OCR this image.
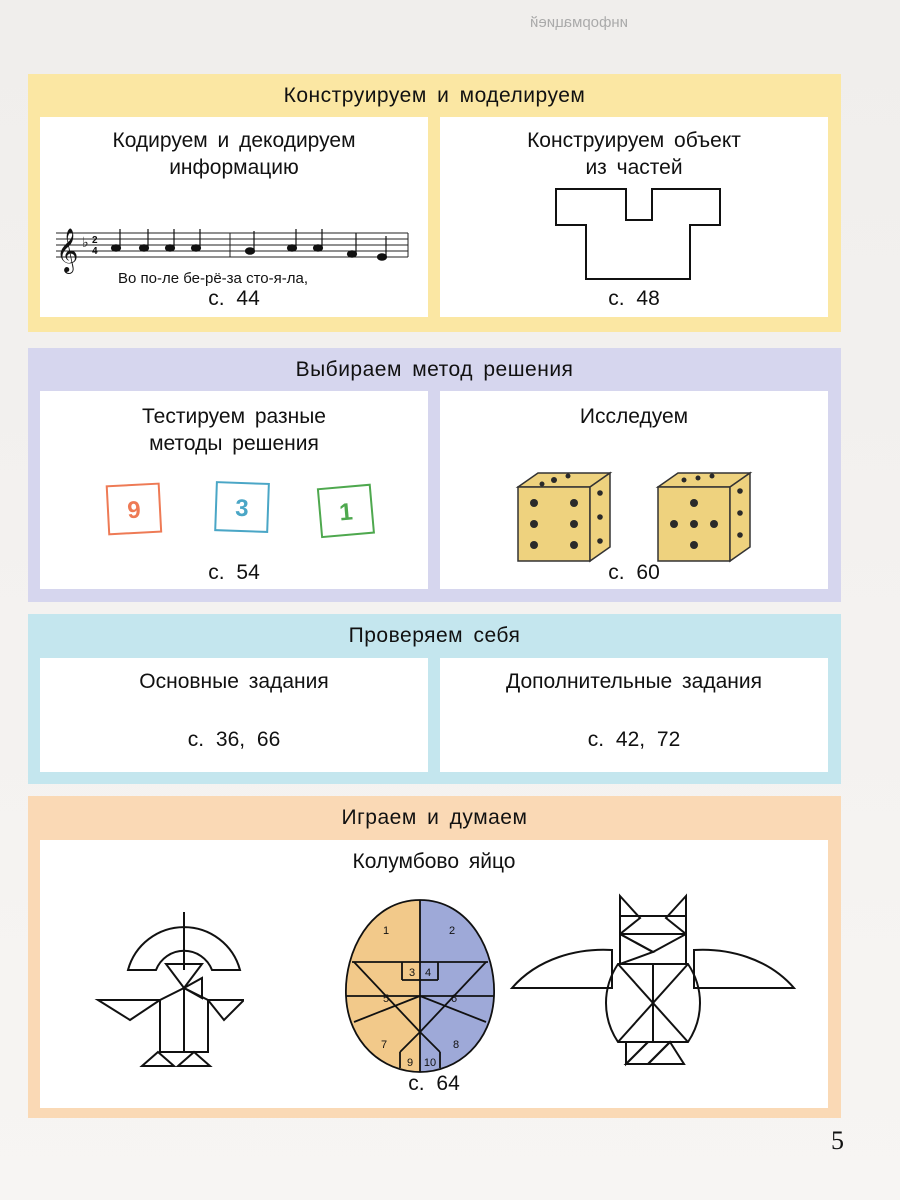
информацией
Конструируем и моделируем
Кодируем и декодируем
информацию
𝄞 ♭ 2
4
Во по-ле бе-рё-за сто-я-ла,
с. 44
Конструируем объект
из частей
с. 48
Выбираем метод решения
Тестируем разные
методы решения
9	3	1
с. 54
Исследуем
с. 60
Проверяем себя
Основные задания
с. 36, 66
Дополнительные задания
с. 42, 72
Играем и думаем
Колумбово яйцо
1	2
3 4
5	6
7	8
9 10
с. 64
5
